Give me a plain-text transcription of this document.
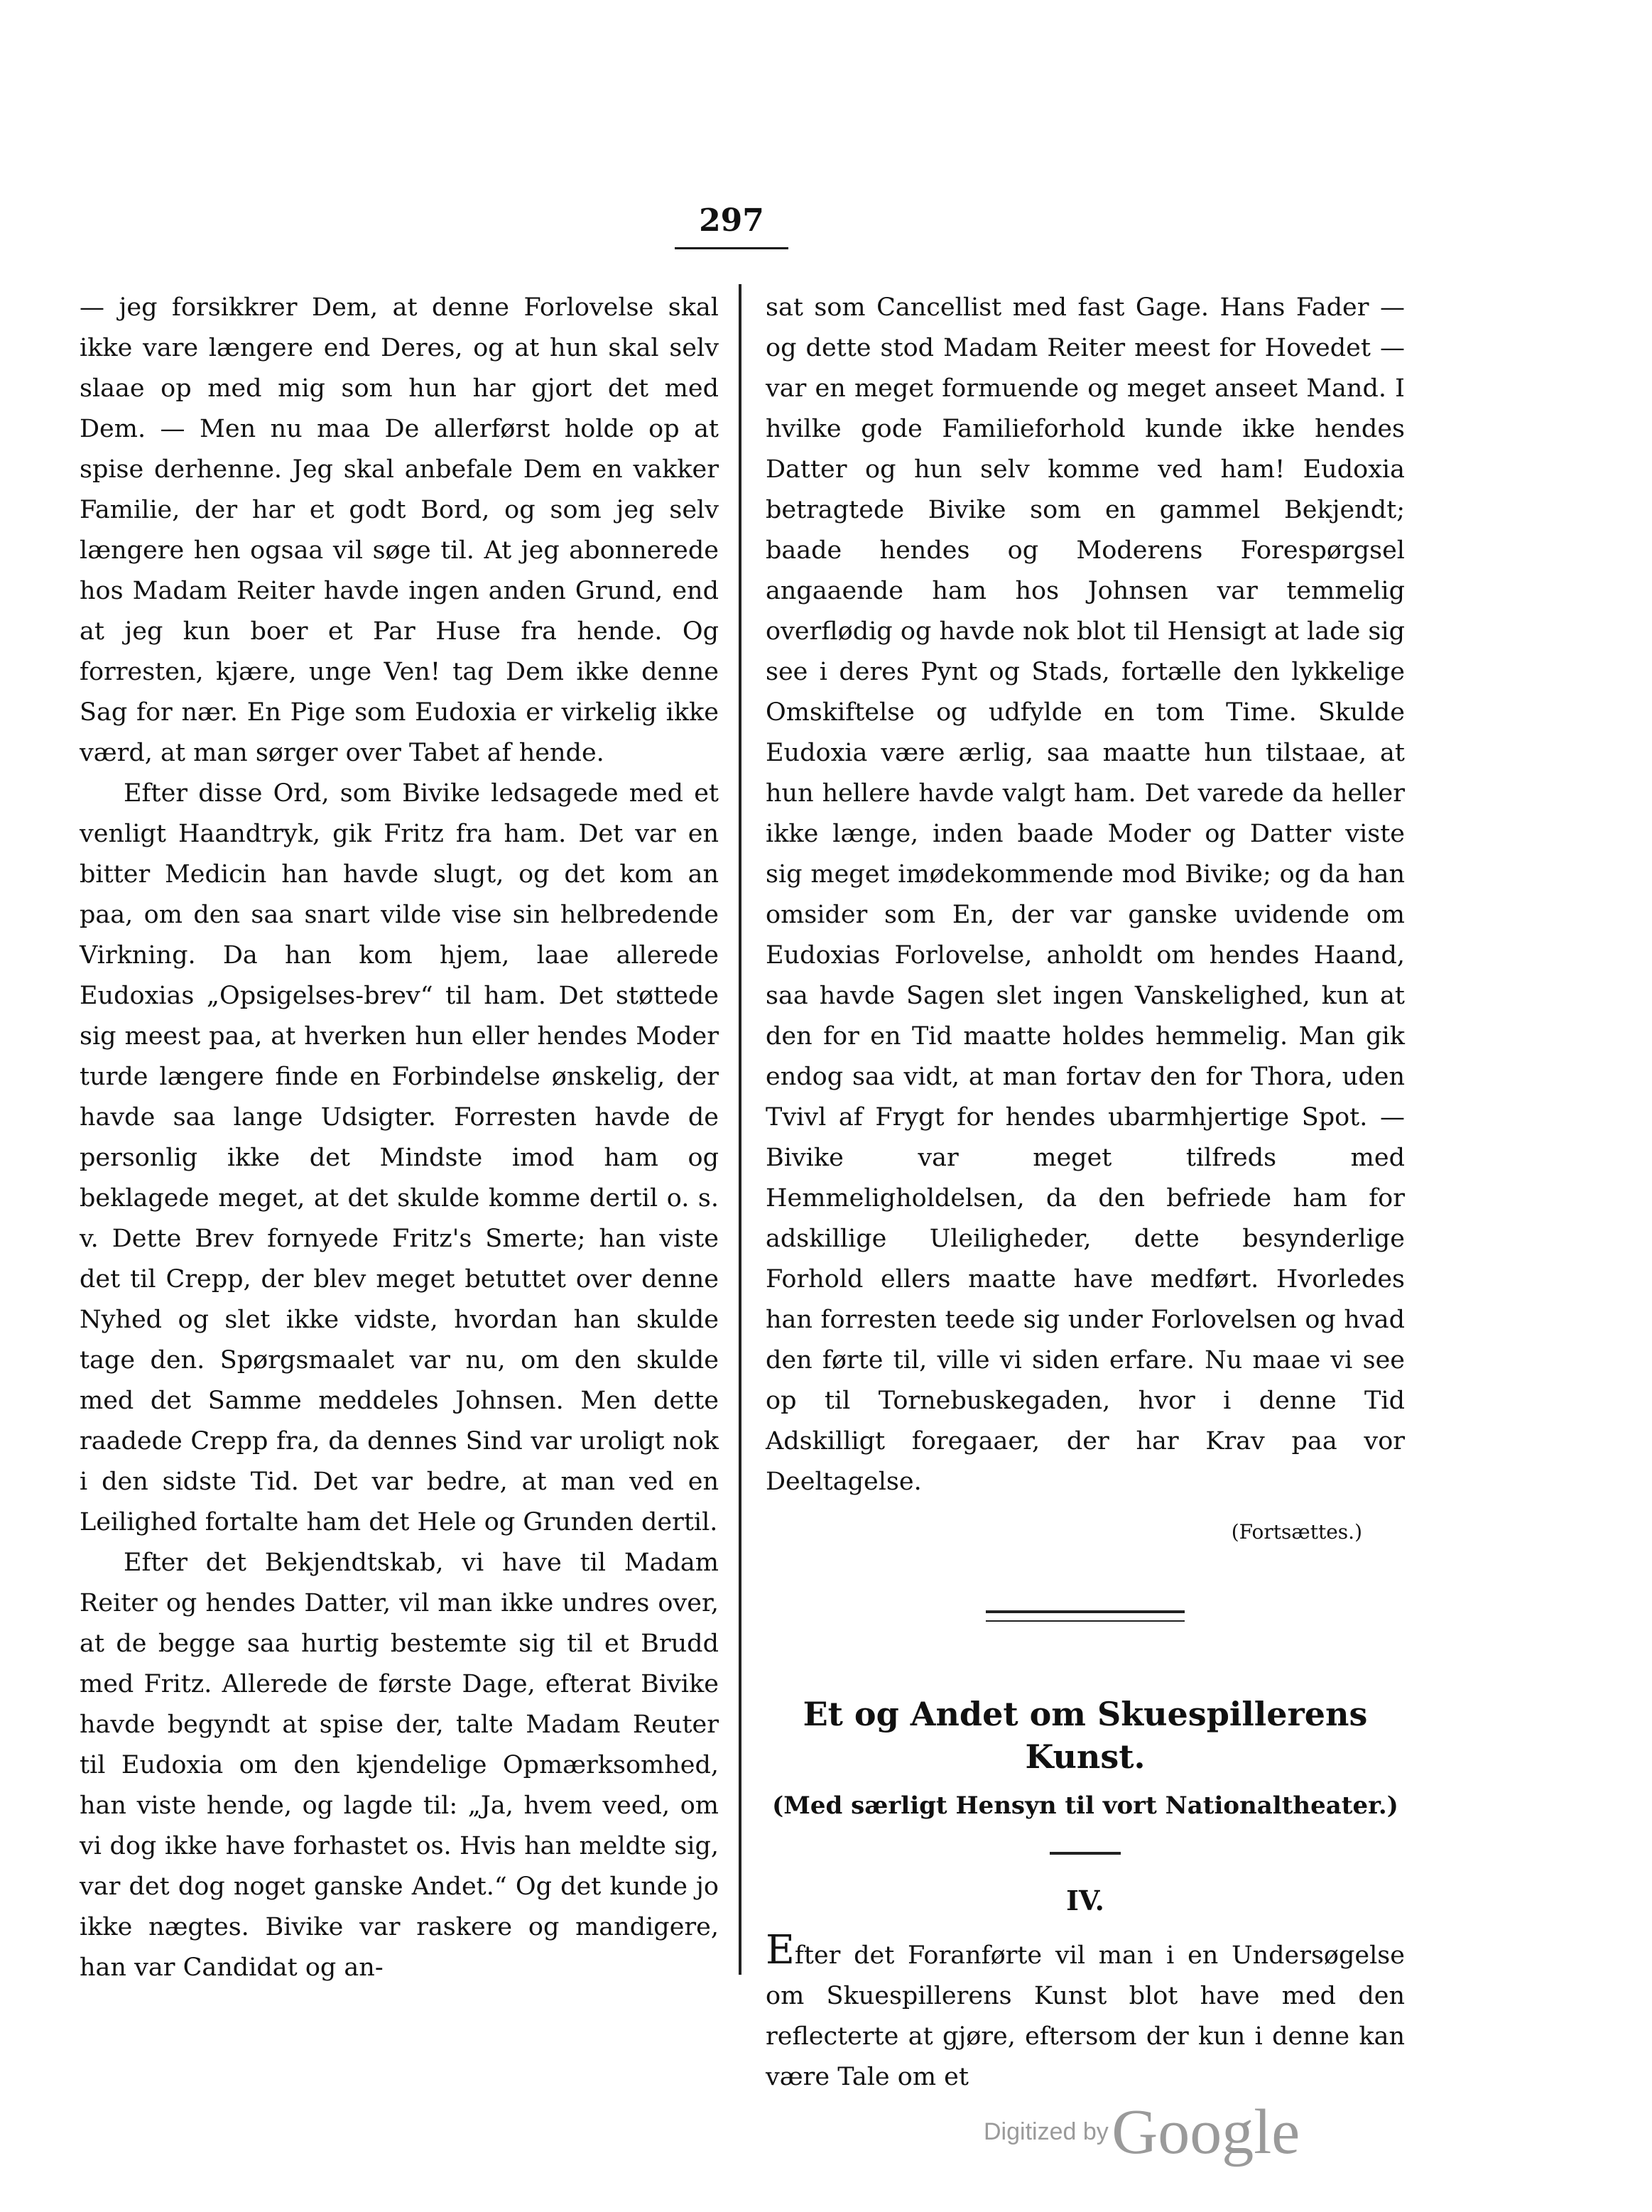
297

— jeg forsikkrer Dem, at denne Forlovelse skal ikke vare længere end Deres, og at hun skal selv slaae op med mig som hun har gjort det med Dem. — Men nu maa De allerførst holde op at spise derhenne. Jeg skal anbefale Dem en vakker Familie, der har et godt Bord, og som jeg selv længere hen ogsaa vil søge til. At jeg abonnerede hos Madam Reiter havde ingen anden Grund, end at jeg kun boer et Par Huse fra hende. Og forresten, kjære, unge Ven! tag Dem ikke denne Sag for nær. En Pige som Eudoxia er virkelig ikke værd, at man sørger over Tabet af hende.

Efter disse Ord, som Bivike ledsagede med et venligt Haandtryk, gik Fritz fra ham. Det var en bitter Medicin han havde slugt, og det kom an paa, om den saa snart vilde vise sin helbredende Virkning. Da han kom hjem, laae allerede Eudoxias „Opsigelses-brev“ til ham. Det støttede sig meest paa, at hverken hun eller hendes Moder turde længere finde en Forbindelse ønskelig, der havde saa lange Udsigter. Forresten havde de personlig ikke det Mindste imod ham og beklagede meget, at det skulde komme dertil o. s. v. Dette Brev fornyede Fritz's Smerte; han viste det til Crepp, der blev meget betuttet over denne Nyhed og slet ikke vidste, hvordan han skulde tage den. Spørgsmaalet var nu, om den skulde med det Samme meddeles Johnsen. Men dette raadede Crepp fra, da dennes Sind var uroligt nok i den sidste Tid. Det var bedre, at man ved en Leilighed fortalte ham det Hele og Grunden dertil.

Efter det Bekjendtskab, vi have til Madam Reiter og hendes Datter, vil man ikke undres over, at de begge saa hurtig bestemte sig til et Brudd med Fritz. Allerede de første Dage, efterat Bivike havde begyndt at spise der, talte Madam Reuter til Eudoxia om den kjendelige Opmærksomhed, han viste hende, og lagde til: „Ja, hvem veed, om vi dog ikke have forhastet os. Hvis han meldte sig, var det dog noget ganske Andet.“ Og det kunde jo ikke nægtes. Bivike var raskere og mandigere, han var Candidat og an-

sat som Cancellist med fast Gage. Hans Fader — og dette stod Madam Reiter meest for Hovedet — var en meget formuende og meget anseet Mand. I hvilke gode Familieforhold kunde ikke hendes Datter og hun selv komme ved ham! Eudoxia betragtede Bivike som en gammel Bekjendt; baade hendes og Moderens Forespørgsel angaaende ham hos Johnsen var temmelig overflødig og havde nok blot til Hensigt at lade sig see i deres Pynt og Stads, fortælle den lykkelige Omskiftelse og udfylde en tom Time. Skulde Eudoxia være ærlig, saa maatte hun tilstaae, at hun hellere havde valgt ham. Det varede da heller ikke længe, inden baade Moder og Datter viste sig meget imødekommende mod Bivike; og da han omsider som En, der var ganske uvidende om Eudoxias Forlovelse, anholdt om hendes Haand, saa havde Sagen slet ingen Vanskelighed, kun at den for en Tid maatte holdes hemmelig. Man gik endog saa vidt, at man fortav den for Thora, uden Tvivl af Frygt for hendes ubarmhjertige Spot. — Bivike var meget tilfreds med Hemmeligholdelsen, da den befriede ham for adskillige Uleiligheder, dette besynderlige Forhold ellers maatte have medført. Hvorledes han forresten teede sig under Forlovelsen og hvad den førte til, ville vi siden erfare. Nu maae vi see op til Tornebuskegaden, hvor i denne Tid Adskilligt foregaaer, der har Krav paa vor Deeltagelse.

(Fortsættes.)
Et og Andet om Skuespillerens Kunst.
(Med særligt Hensyn til vort Nationaltheater.)
IV.

Efter det Foranførte vil man i en Undersøgelse om Skuespillerens Kunst blot have med den reflecterte at gjøre, eftersom der kun i denne kan være Tale om et

Digitized by Google
